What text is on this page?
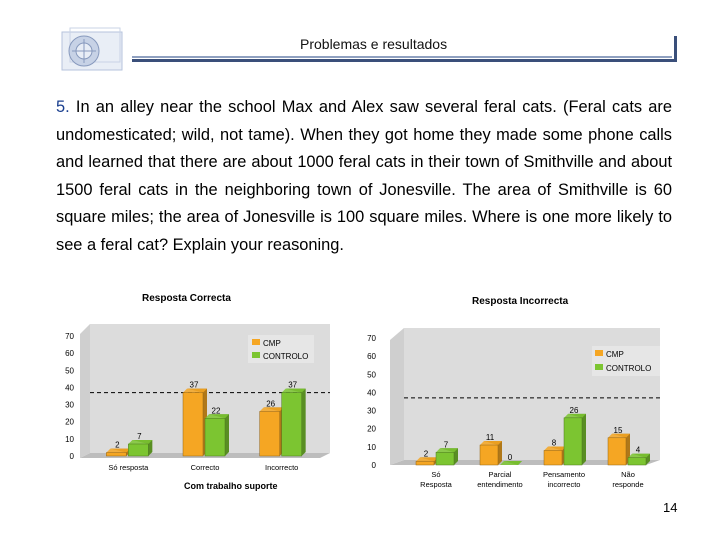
Problemas e resultados
5. In an alley near the school Max and Alex saw several feral cats. (Feral cats are undomesticated; wild, not tame). When they got home they made some phone calls and learned that there are about 1000 feral cats in their town of Smithville and about 1500 feral cats in the neighboring town of Jonesville. The area of Smithville is 60 square miles; the area of Jonesville is 100 square miles. Where is one more likely to see a feral cat? Explain your reasoning.
Resposta Correcta
Com trabalho suporte
0
10
20
30
40
50
60
70
2
7
37
22
26
37
Só resposta	Correcto	Incorrecto
CMP
CONTROLO
Resposta Incorrecta
0
10
20
30
40
50
60
70
2
7
11
0
8
26
15
4
Só
Resposta
Parcial
entendimento
Pensamento
incorrecto
Não
responde
CMP
CONTROLO
14
